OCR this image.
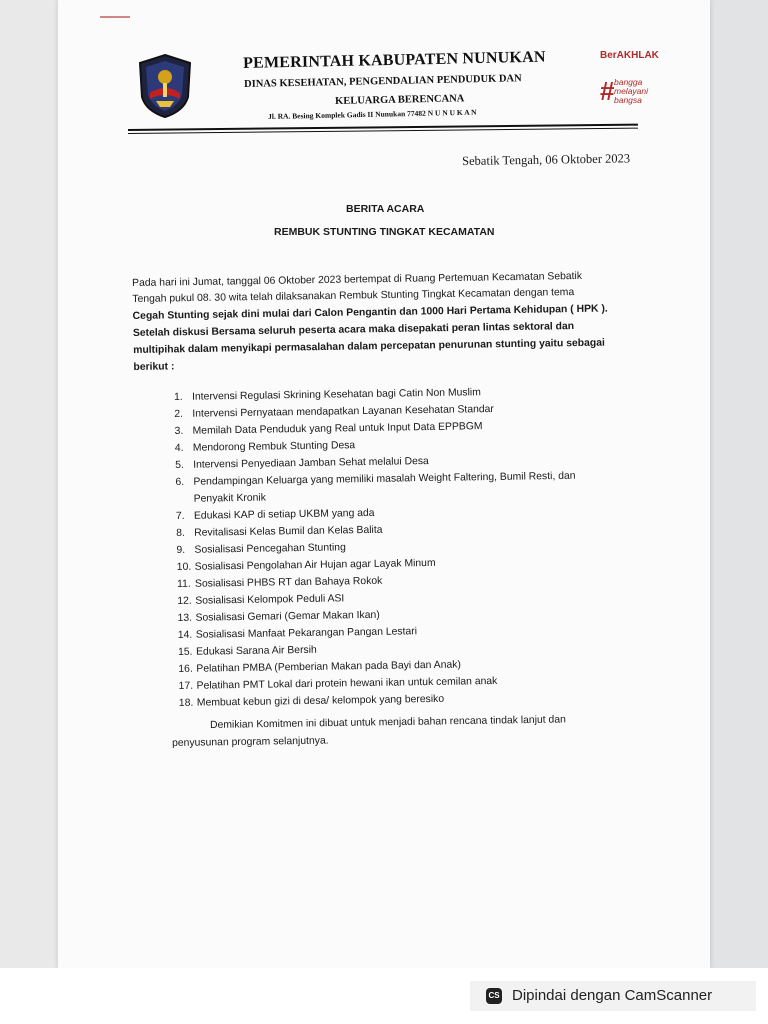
PEMERINTAH KABUPATEN NUNUKAN
DINAS KESEHATAN, PENGENDALIAN PENDUDUK DAN
KELUARGA BERENCANA
Jl. RA. Besing Komplek Gadis II Nunukan 77482 N U N U K A N
BerAKHLAK
# bangga
melayani
bangsa
Sebatik Tengah, 06 Oktober 2023
BERITA ACARA
REMBUK STUNTING TINGKAT KECAMATAN
Pada hari ini Jumat, tanggal 06 Oktober 2023 bertempat di Ruang Pertemuan Kecamatan Sebatik
Tengah pukul 08. 30 wita telah dilaksanakan Rembuk Stunting Tingkat Kecamatan dengan tema
Cegah Stunting sejak dini mulai dari Calon Pengantin dan 1000 Hari Pertama Kehidupan ( HPK ).
Setelah diskusi Bersama seluruh peserta acara maka disepakati peran lintas sektoral dan
multipihak dalam menyikapi permasalahan dalam percepatan penurunan stunting yaitu sebagai
berikut :
1. Intervensi Regulasi Skrining Kesehatan bagi Catin Non Muslim
2. Intervensi Pernyataan mendapatkan Layanan Kesehatan Standar
3. Memilah Data Penduduk yang Real untuk Input Data EPPBGM
4. Mendorong Rembuk Stunting Desa
5. Intervensi Penyediaan Jamban Sehat melalui Desa
6. Pendampingan Keluarga yang memiliki masalah Weight Faltering, Bumil Resti, dan
Penyakit Kronik
7. Edukasi KAP di setiap UKBM yang ada
8. Revitalisasi Kelas Bumil dan Kelas Balita
9. Sosialisasi Pencegahan Stunting
10. Sosialisasi Pengolahan Air Hujan agar Layak Minum
11. Sosialisasi PHBS RT dan Bahaya Rokok
12. Sosialisasi Kelompok Peduli ASI
13. Sosialisasi Gemari (Gemar Makan Ikan)
14. Sosialisasi Manfaat Pekarangan Pangan Lestari
15. Edukasi Sarana Air Bersih
16. Pelatihan PMBA (Pemberian Makan pada Bayi dan Anak)
17. Pelatihan PMT Lokal dari protein hewani ikan untuk cemilan anak
18. Membuat kebun gizi di desa/ kelompok yang beresiko
Demikian Komitmen ini dibuat untuk menjadi bahan rencana tindak lanjut dan
penyusunan program selanjutnya.
CS Dipindai dengan CamScanner
